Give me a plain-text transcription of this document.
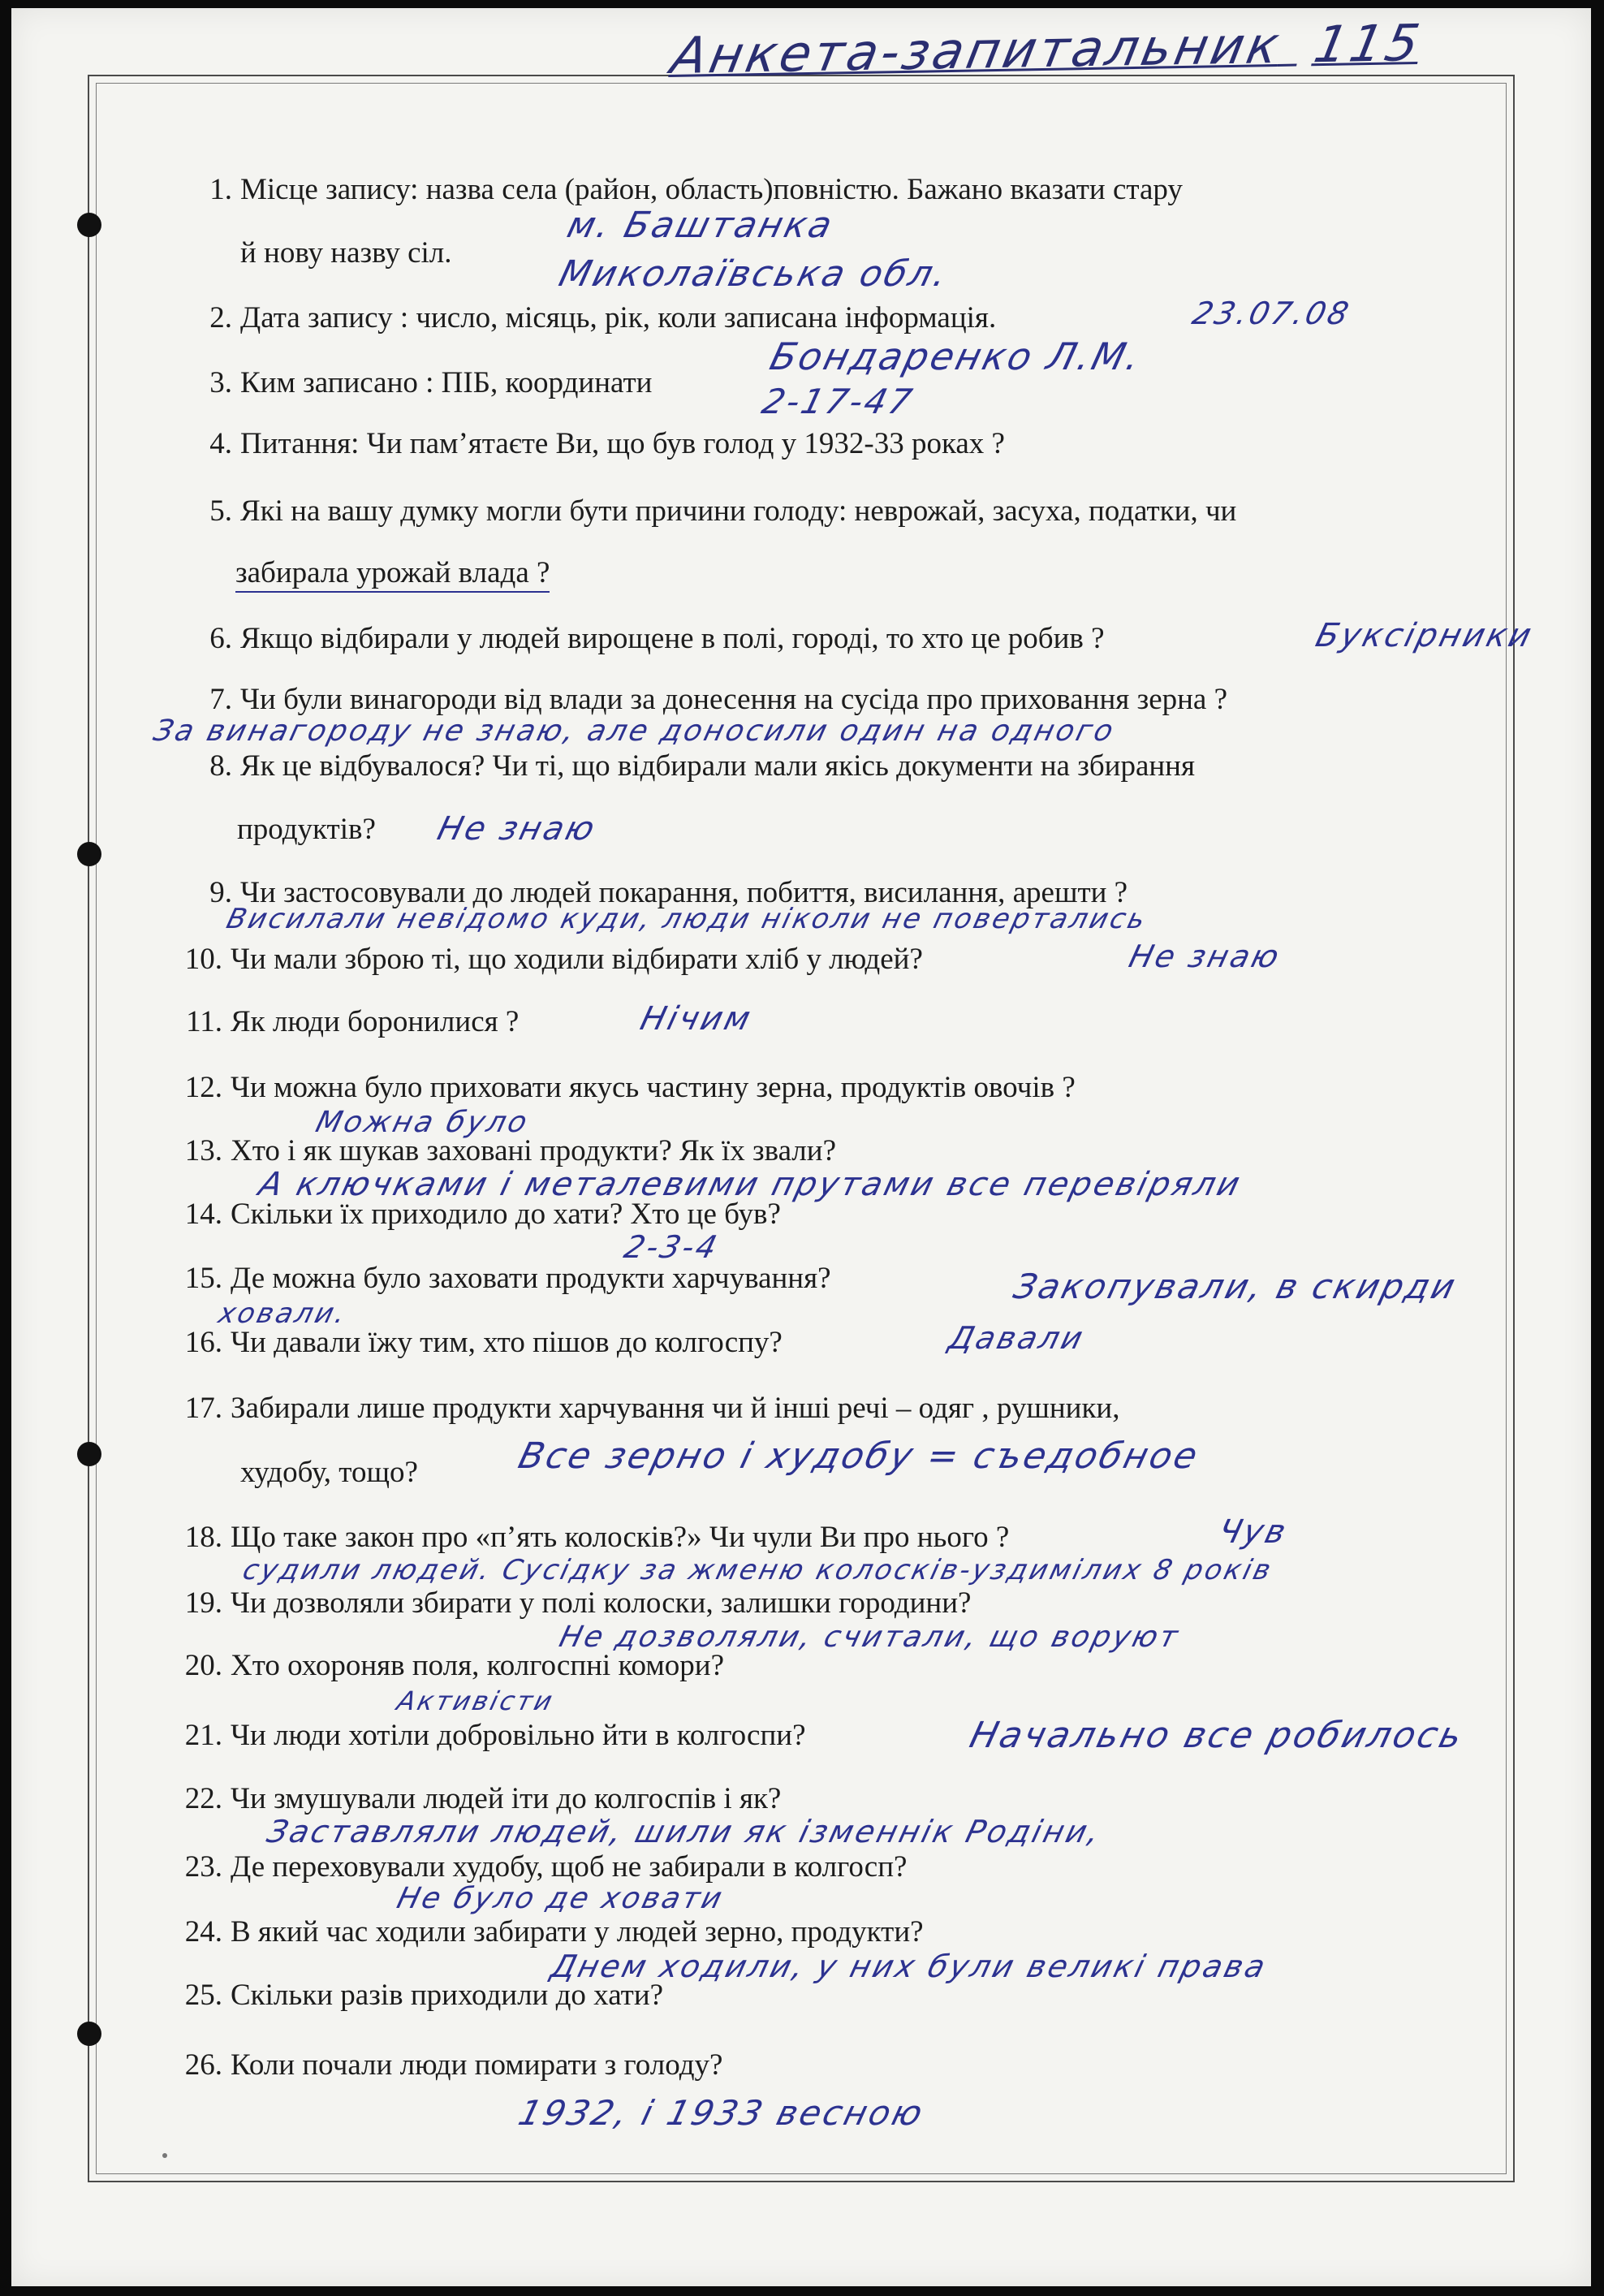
Анкета-запитальник 115
1. Місце запису: назва села (район, область)повністю. Бажано вказати стару
й нову назву сіл.
2. Дата запису : число, місяць, рік, коли записана інформація.
3. Ким записано : ПІБ, координати
4. Питання: Чи пам’ятаєте Ви, що був голод у 1932-33 роках ?
5. Які на вашу думку могли бути причини голоду: неврожай, засуха, податки, чи
забирала урожай влада ?
6. Якщо відбирали у людей вирощене в полі, городі, то хто це робив ?
7. Чи були винагороди від влади за донесення на сусіда про приховання зерна ?
8. Як це відбувалося? Чи ті, що відбирали мали якісь документи на збирання
продуктів?
9. Чи застосовували до людей покарання, побиття, висилання, арешти ?
10. Чи мали зброю ті, що ходили відбирати хліб у людей?
11. Як люди боронилися ?
12. Чи можна було приховати якусь частину зерна, продуктів овочів ?
13. Хто і як шукав заховані продукти? Як їх звали?
14. Скільки їх приходило до хати? Хто це був?
15. Де можна було заховати продукти харчування?
16. Чи давали їжу тим, хто пішов до колгоспу?
17. Забирали лише продукти харчування чи й інші речі – одяг , рушники,
худобу, тощо?
18. Що таке закон про «п’ять колосків?» Чи чули Ви про нього ?
19. Чи дозволяли збирати у полі колоски, залишки городини?
20. Хто охороняв поля, колгоспні комори?
21. Чи люди хотіли добровільно йти в колгоспи?
22. Чи змушували людей іти до колгоспів і як?
23. Де переховували худобу, щоб не забирали в колгосп?
24. В який час ходили забирати у людей зерно, продукти?
25. Скільки разів приходили до хати?
26. Коли почали люди помирати з голоду?
м. Баштанка
Миколаївська обл.
23.07.08
Бондаренко Л.М.
2-17-47
Буксірники
За винагороду не знаю, але доносили один на одного
Не знаю
Висилали невідомо куди, люди ніколи не повертались
Не знаю
Нічим
Можна було
А ключками і металевими прутами все перевіряли
2-3-4
Закопували, в скирди
ховали.
Давали
Все зерно і худобу = съедобное
Чув
судили людей. Сусідку за жменю колосків-уздимілих 8 років
Не дозволяли, считали, що воруют
Активісти
Начально все робилось
Заставляли людей, шили як ізменнік Родіни,
Не було де ховати
Днем ходили, у них були великі права
1932, і 1933 весною
